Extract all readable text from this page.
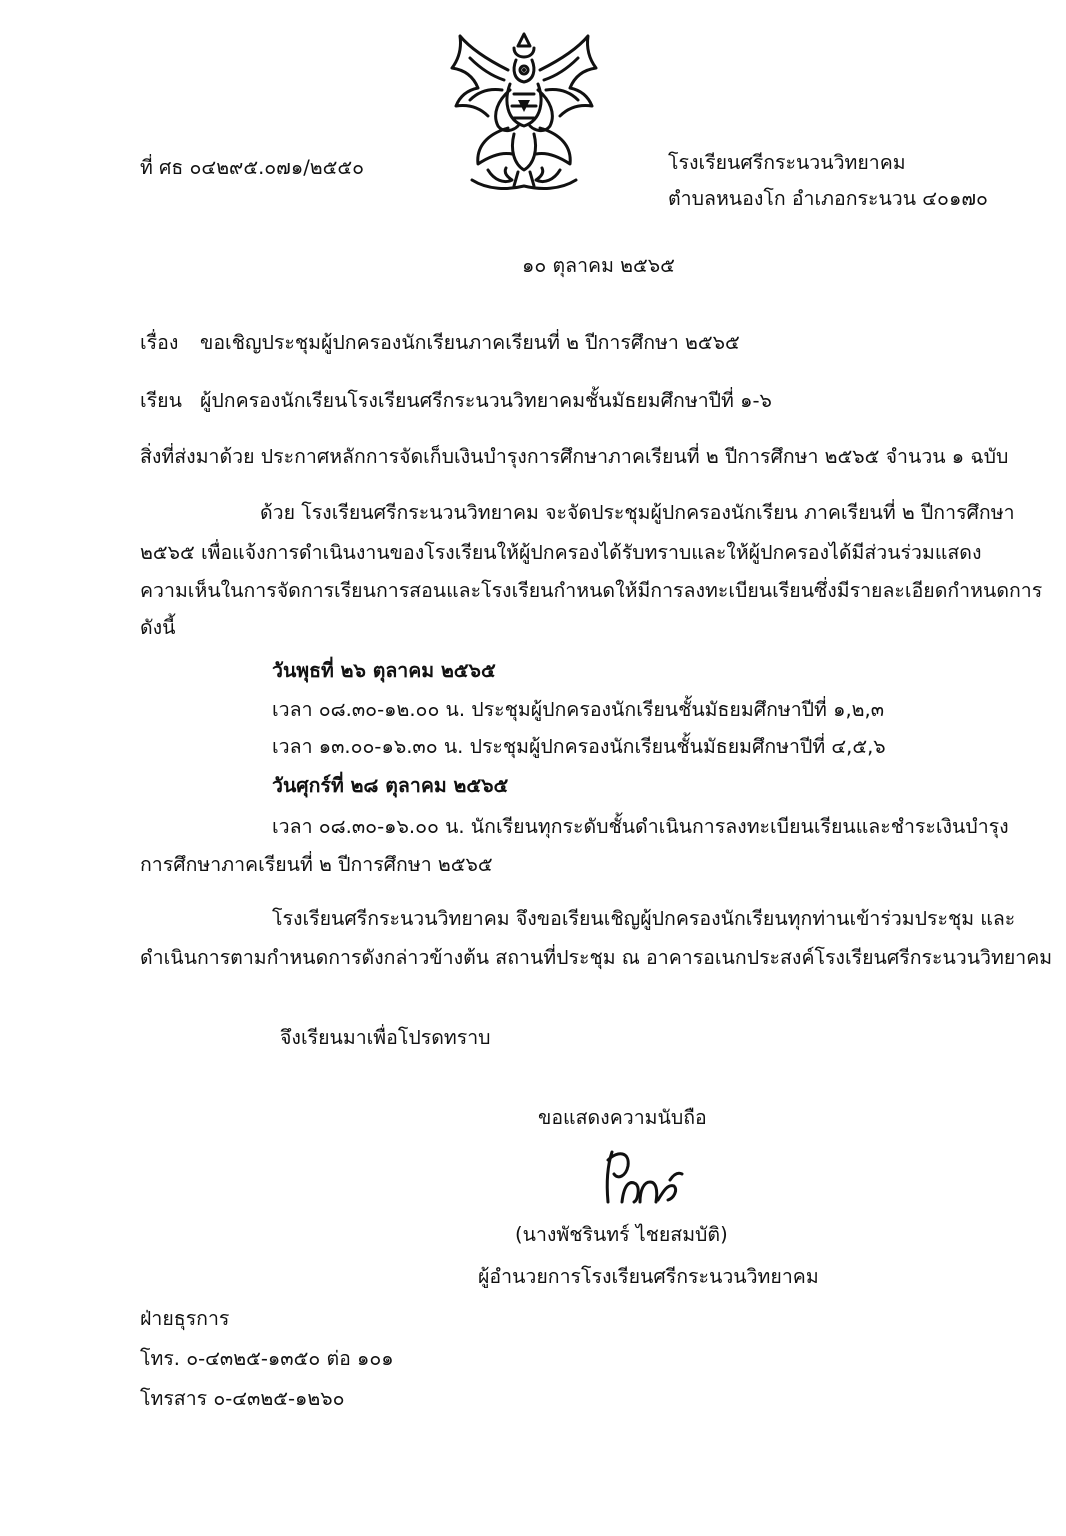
ที่ ศธ ๐๔๒๙๕.๐๗๑/๒๕๕๐	โรงเรียนศรีกระนวนวิทยาคม
ตำบลหนองโก อำเภอกระนวน ๔๐๑๗๐
๑๐ ตุลาคม ๒๕๖๕
เรื่อง ขอเชิญประชุมผู้ปกครองนักเรียนภาคเรียนที่ ๒ ปีการศึกษา ๒๕๖๕
เรียน ผู้ปกครองนักเรียนโรงเรียนศรีกระนวนวิทยาคมชั้นมัธยมศึกษาปีที่ ๑-๖
สิ่งที่ส่งมาด้วย ประกาศหลักการจัดเก็บเงินบำรุงการศึกษาภาคเรียนที่ ๒ ปีการศึกษา ๒๕๖๕ จำนวน ๑ ฉบับ
ด้วย โรงเรียนศรีกระนวนวิทยาคม จะจัดประชุมผู้ปกครองนักเรียน ภาคเรียนที่ ๒ ปีการศึกษา
๒๕๖๕ เพื่อแจ้งการดำเนินงานของโรงเรียนให้ผู้ปกครองได้รับทราบและให้ผู้ปกครองได้มีส่วนร่วมแสดง
ความเห็นในการจัดการเรียนการสอนและโรงเรียนกำหนดให้มีการลงทะเบียนเรียนซึ่งมีรายละเอียดกำหนดการ
ดังนี้
วันพุธที่ ๒๖ ตุลาคม ๒๕๖๕
เวลา ๐๘.๓๐-๑๒.๐๐ น. ประชุมผู้ปกครองนักเรียนชั้นมัธยมศึกษาปีที่ ๑,๒,๓
เวลา ๑๓.๐๐-๑๖.๓๐ น. ประชุมผู้ปกครองนักเรียนชั้นมัธยมศึกษาปีที่ ๔,๕,๖
วันศุกร์ที่ ๒๘ ตุลาคม ๒๕๖๕
เวลา ๐๘.๓๐-๑๖.๐๐ น. นักเรียนทุกระดับชั้นดำเนินการลงทะเบียนเรียนและชำระเงินบำรุง
การศึกษาภาคเรียนที่ ๒ ปีการศึกษา ๒๕๖๕
โรงเรียนศรีกระนวนวิทยาคม จึงขอเรียนเชิญผู้ปกครองนักเรียนทุกท่านเข้าร่วมประชุม และ
ดำเนินการตามกำหนดการดังกล่าวข้างต้น สถานที่ประชุม ณ อาคารอเนกประสงค์โรงเรียนศรีกระนวนวิทยาคม
จึงเรียนมาเพื่อโปรดทราบ
ขอแสดงความนับถือ
(นางพัชรินทร์ ไชยสมบัติ)
ผู้อำนวยการโรงเรียนศรีกระนวนวิทยาคม
ฝ่ายธุรการ
โทร. ๐-๔๓๒๕-๑๓๕๐ ต่อ ๑๐๑
โทรสาร ๐-๔๓๒๕-๑๒๖๐
